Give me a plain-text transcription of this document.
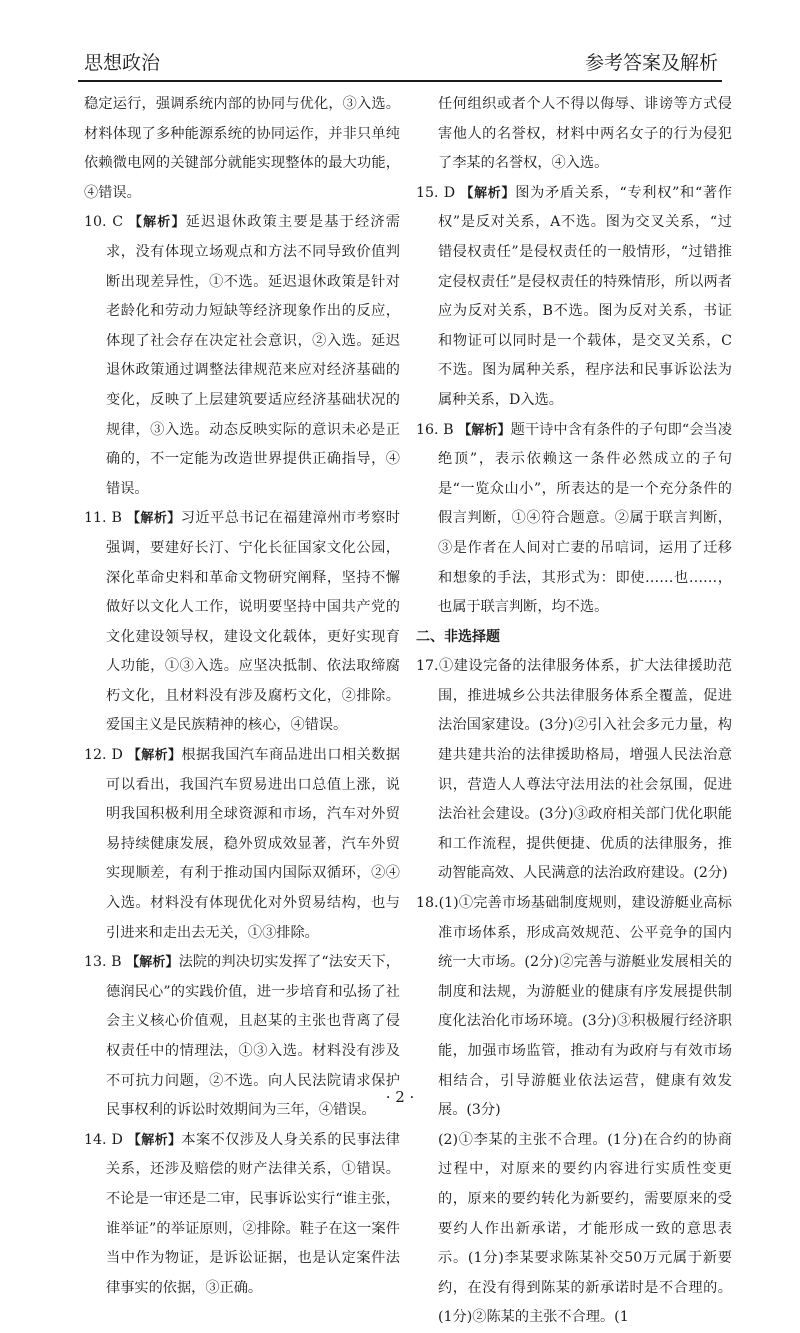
思想政治	参考答案及解析

稳定运行，强调系统内部的协同与优化，③入选。材料体现了多种能源系统的协同运作，并非只单纯依赖微电网的关键部分就能实现整体的最大功能，④错误。

10. C 【解析】延迟退休政策主要是基于经济需求，没有体现立场观点和方法不同导致价值判断出现差异性，①不选。延迟退休政策是针对老龄化和劳动力短缺等经济现象作出的反应，体现了社会存在决定社会意识，②入选。延迟退休政策通过调整法律规范来应对经济基础的变化，反映了上层建筑要适应经济基础状况的规律，③入选。动态反映实际的意识未必是正确的，不一定能为改造世界提供正确指导，④错误。

11. B 【解析】习近平总书记在福建漳州市考察时强调，要建好长汀、宁化长征国家文化公园，深化革命史料和革命文物研究阐释，坚持不懈做好以文化人工作，说明要坚持中国共产党的文化建设领导权，建设文化载体，更好实现育人功能，①③入选。应坚决抵制、依法取缔腐朽文化，且材料没有涉及腐朽文化，②排除。爱国主义是民族精神的核心，④错误。

12. D 【解析】根据我国汽车商品进出口相关数据可以看出，我国汽车贸易进出口总值上涨，说明我国积极利用全球资源和市场，汽车对外贸易持续健康发展，稳外贸成效显著，汽车外贸实现顺差，有利于推动国内国际双循环，②④入选。材料没有体现优化对外贸易结构，也与引进来和走出去无关，①③排除。

13. B 【解析】法院的判决切实发挥了“法安天下，德润民心”的实践价值，进一步培育和弘扬了社会主义核心价值观，且赵某的主张也背离了侵权责任中的情理法，①③入选。材料没有涉及不可抗力问题，②不选。向人民法院请求保护民事权利的诉讼时效期间为三年，④错误。

14. D 【解析】本案不仅涉及人身关系的民事法律关系，还涉及赔偿的财产法律关系，①错误。不论是一审还是二审，民事诉讼实行“谁主张，谁举证”的举证原则，②排除。鞋子在这一案件当中作为物证，是诉讼证据，也是认定案件法律事实的依据，③正确。

任何组织或者个人不得以侮辱、诽谤等方式侵害他人的名誉权，材料中两名女子的行为侵犯了李某的名誉权，④入选。

15. D 【解析】图为矛盾关系，“专利权”和“著作权”是反对关系，A不选。图为交叉关系，“过错侵权责任”是侵权责任的一般情形，“过错推定侵权责任”是侵权责任的特殊情形，所以两者应为反对关系，B不选。图为反对关系，书证和物证可以同时是一个载体，是交叉关系，C不选。图为属种关系，程序法和民事诉讼法为属种关系，D入选。

16. B 【解析】题干诗中含有条件的子句即“会当凌绝顶”，表示依赖这一条件必然成立的子句是“一览众山小”，所表达的是一个充分条件的假言判断，①④符合题意。②属于联言判断，③是作者在人间对亡妻的吊唁词，运用了迁移和想象的手法，其形式为：即使……也……，也属于联言判断，均不选。

二、非选择题

17.①建设完备的法律服务体系，扩大法律援助范围，推进城乡公共法律服务体系全覆盖，促进法治国家建设。(3分)②引入社会多元力量，构建共建共治的法律援助格局，增强人民法治意识，营造人人尊法守法用法的社会氛围，促进法治社会建设。(3分)③政府相关部门优化职能和工作流程，提供便捷、优质的法律服务，推动智能高效、人民满意的法治政府建设。(2分)

18.(1)①完善市场基础制度规则，建设游艇业高标准市场体系，形成高效规范、公平竞争的国内统一大市场。(2分)②完善与游艇业发展相关的制度和法规，为游艇业的健康有序发展提供制度化法治化市场环境。(3分)③积极履行经济职能，加强市场监管，推动有为政府与有效市场相结合，引导游艇业依法运营，健康有效发展。(3分)

(2)①李某的主张不合理。(1分)在合约的协商过程中，对原来的要约内容进行实质性变更的，原来的要约转化为新要约，需要原来的受要约人作出新承诺，才能形成一致的意思表示。(1分)李某要求陈某补交50万元属于新要约，在没有得到陈某的新承诺时是不合理的。(1分)②陈某的主张不合理。(1

· 2 ·
